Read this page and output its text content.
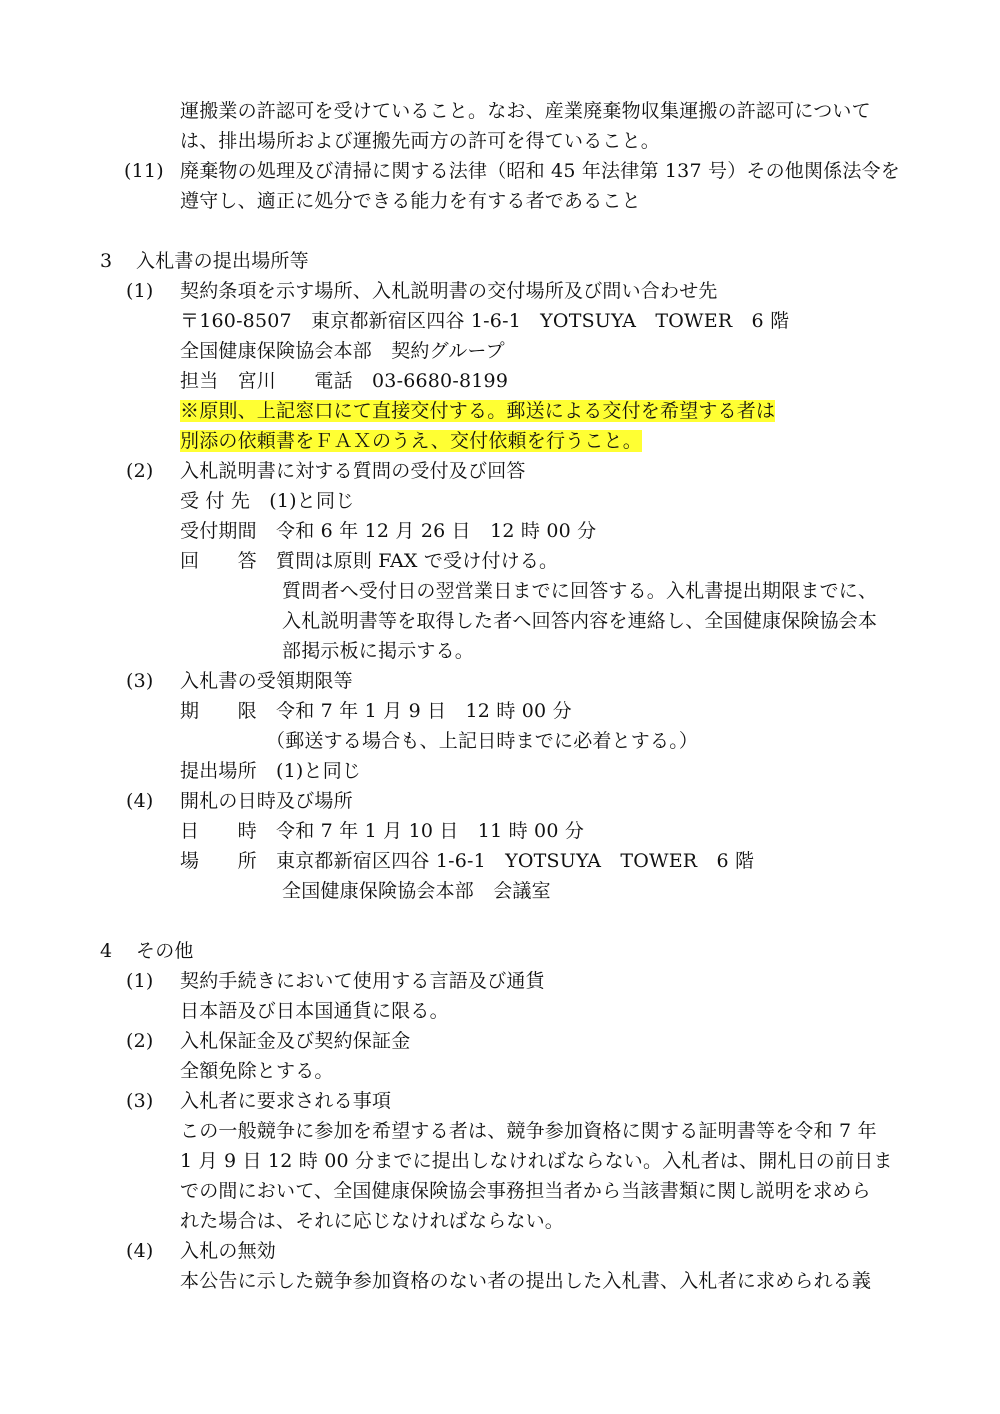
運搬業の許認可を受けていること。なお、産業廃棄物収集運搬の許認可について
は、排出場所および運搬先両方の許可を得ていること。
(11) 廃棄物の処理及び清掃に関する法律（昭和 45 年法律第 137 号）その他関係法令を
遵守し、適正に処分できる能力を有する者であること
3 入札書の提出場所等
(1) 契約条項を示す場所、入札説明書の交付場所及び問い合わせ先
〒160-8507　東京都新宿区四谷 1-6-1　YOTSUYA　TOWER　6 階
全国健康保険協会本部　契約グループ
担当　宮川　　電話　03-6680-8199
※原則、上記窓口にて直接交付する。郵送による交付を希望する者は
別添の依頼書をＦＡＸのうえ、交付依頼を行うこと。
(2) 入札説明書に対する質問の受付及び回答
受 付 先　(1)と同じ
受付期間　令和 6 年 12 月 26 日　12 時 00 分
回　　答　質問は原則 FAX で受け付ける。
質問者へ受付日の翌営業日までに回答する。入札書提出期限までに、
入札説明書等を取得した者へ回答内容を連絡し、全国健康保険協会本
部掲示板に掲示する。
(3) 入札書の受領期限等
期　　限　令和 7 年 1 月 9 日　12 時 00 分
（郵送する場合も、上記日時までに必着とする。）
提出場所　(1)と同じ
(4) 開札の日時及び場所
日　　時　令和 7 年 1 月 10 日　11 時 00 分
場　　所　東京都新宿区四谷 1-6-1　YOTSUYA　TOWER　6 階
全国健康保険協会本部　会議室
4 その他
(1) 契約手続きにおいて使用する言語及び通貨
日本語及び日本国通貨に限る。
(2) 入札保証金及び契約保証金
全額免除とする。
(3) 入札者に要求される事項
この一般競争に参加を希望する者は、競争参加資格に関する証明書等を令和 7 年
1 月 9 日 12 時 00 分までに提出しなければならない。入札者は、開札日の前日ま
での間において、全国健康保険協会事務担当者から当該書類に関し説明を求めら
れた場合は、それに応じなければならない。
(4) 入札の無効
本公告に示した競争参加資格のない者の提出した入札書、入札者に求められる義
